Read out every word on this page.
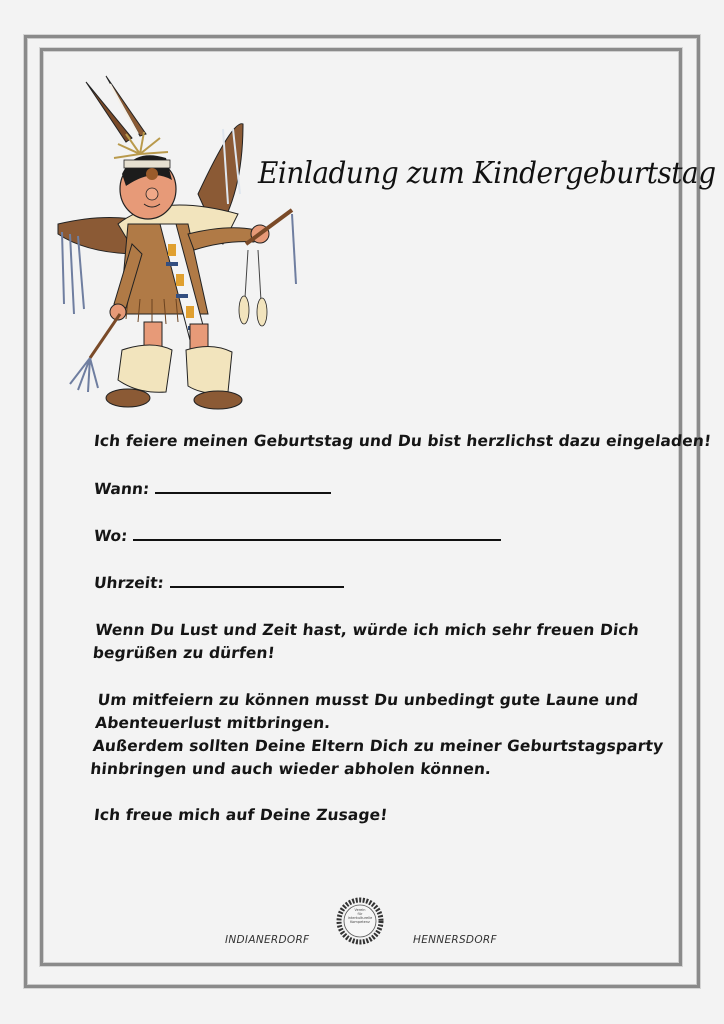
Einladung zum Kindergeburtstag
Ich feiere meinen Geburtstag und Du bist herzlichst dazu eingeladen!
Wann:
Wo:
Uhrzeit:
Wenn Du Lust und Zeit hast, würde ich mich sehr freuen Dich
begrüßen zu dürfen!
Um mitfeiern zu können musst Du unbedingt gute Laune und
Abenteuerlust mitbringen.
Außerdem sollten Deine Eltern Dich zu meiner Geburtstagsparty
hinbringen und auch wieder abholen können.
Ich freue mich auf Deine Zusage!
INDIANERDORF
Verein
für
interkulturelle
Kompetenz
HENNERSDORF
